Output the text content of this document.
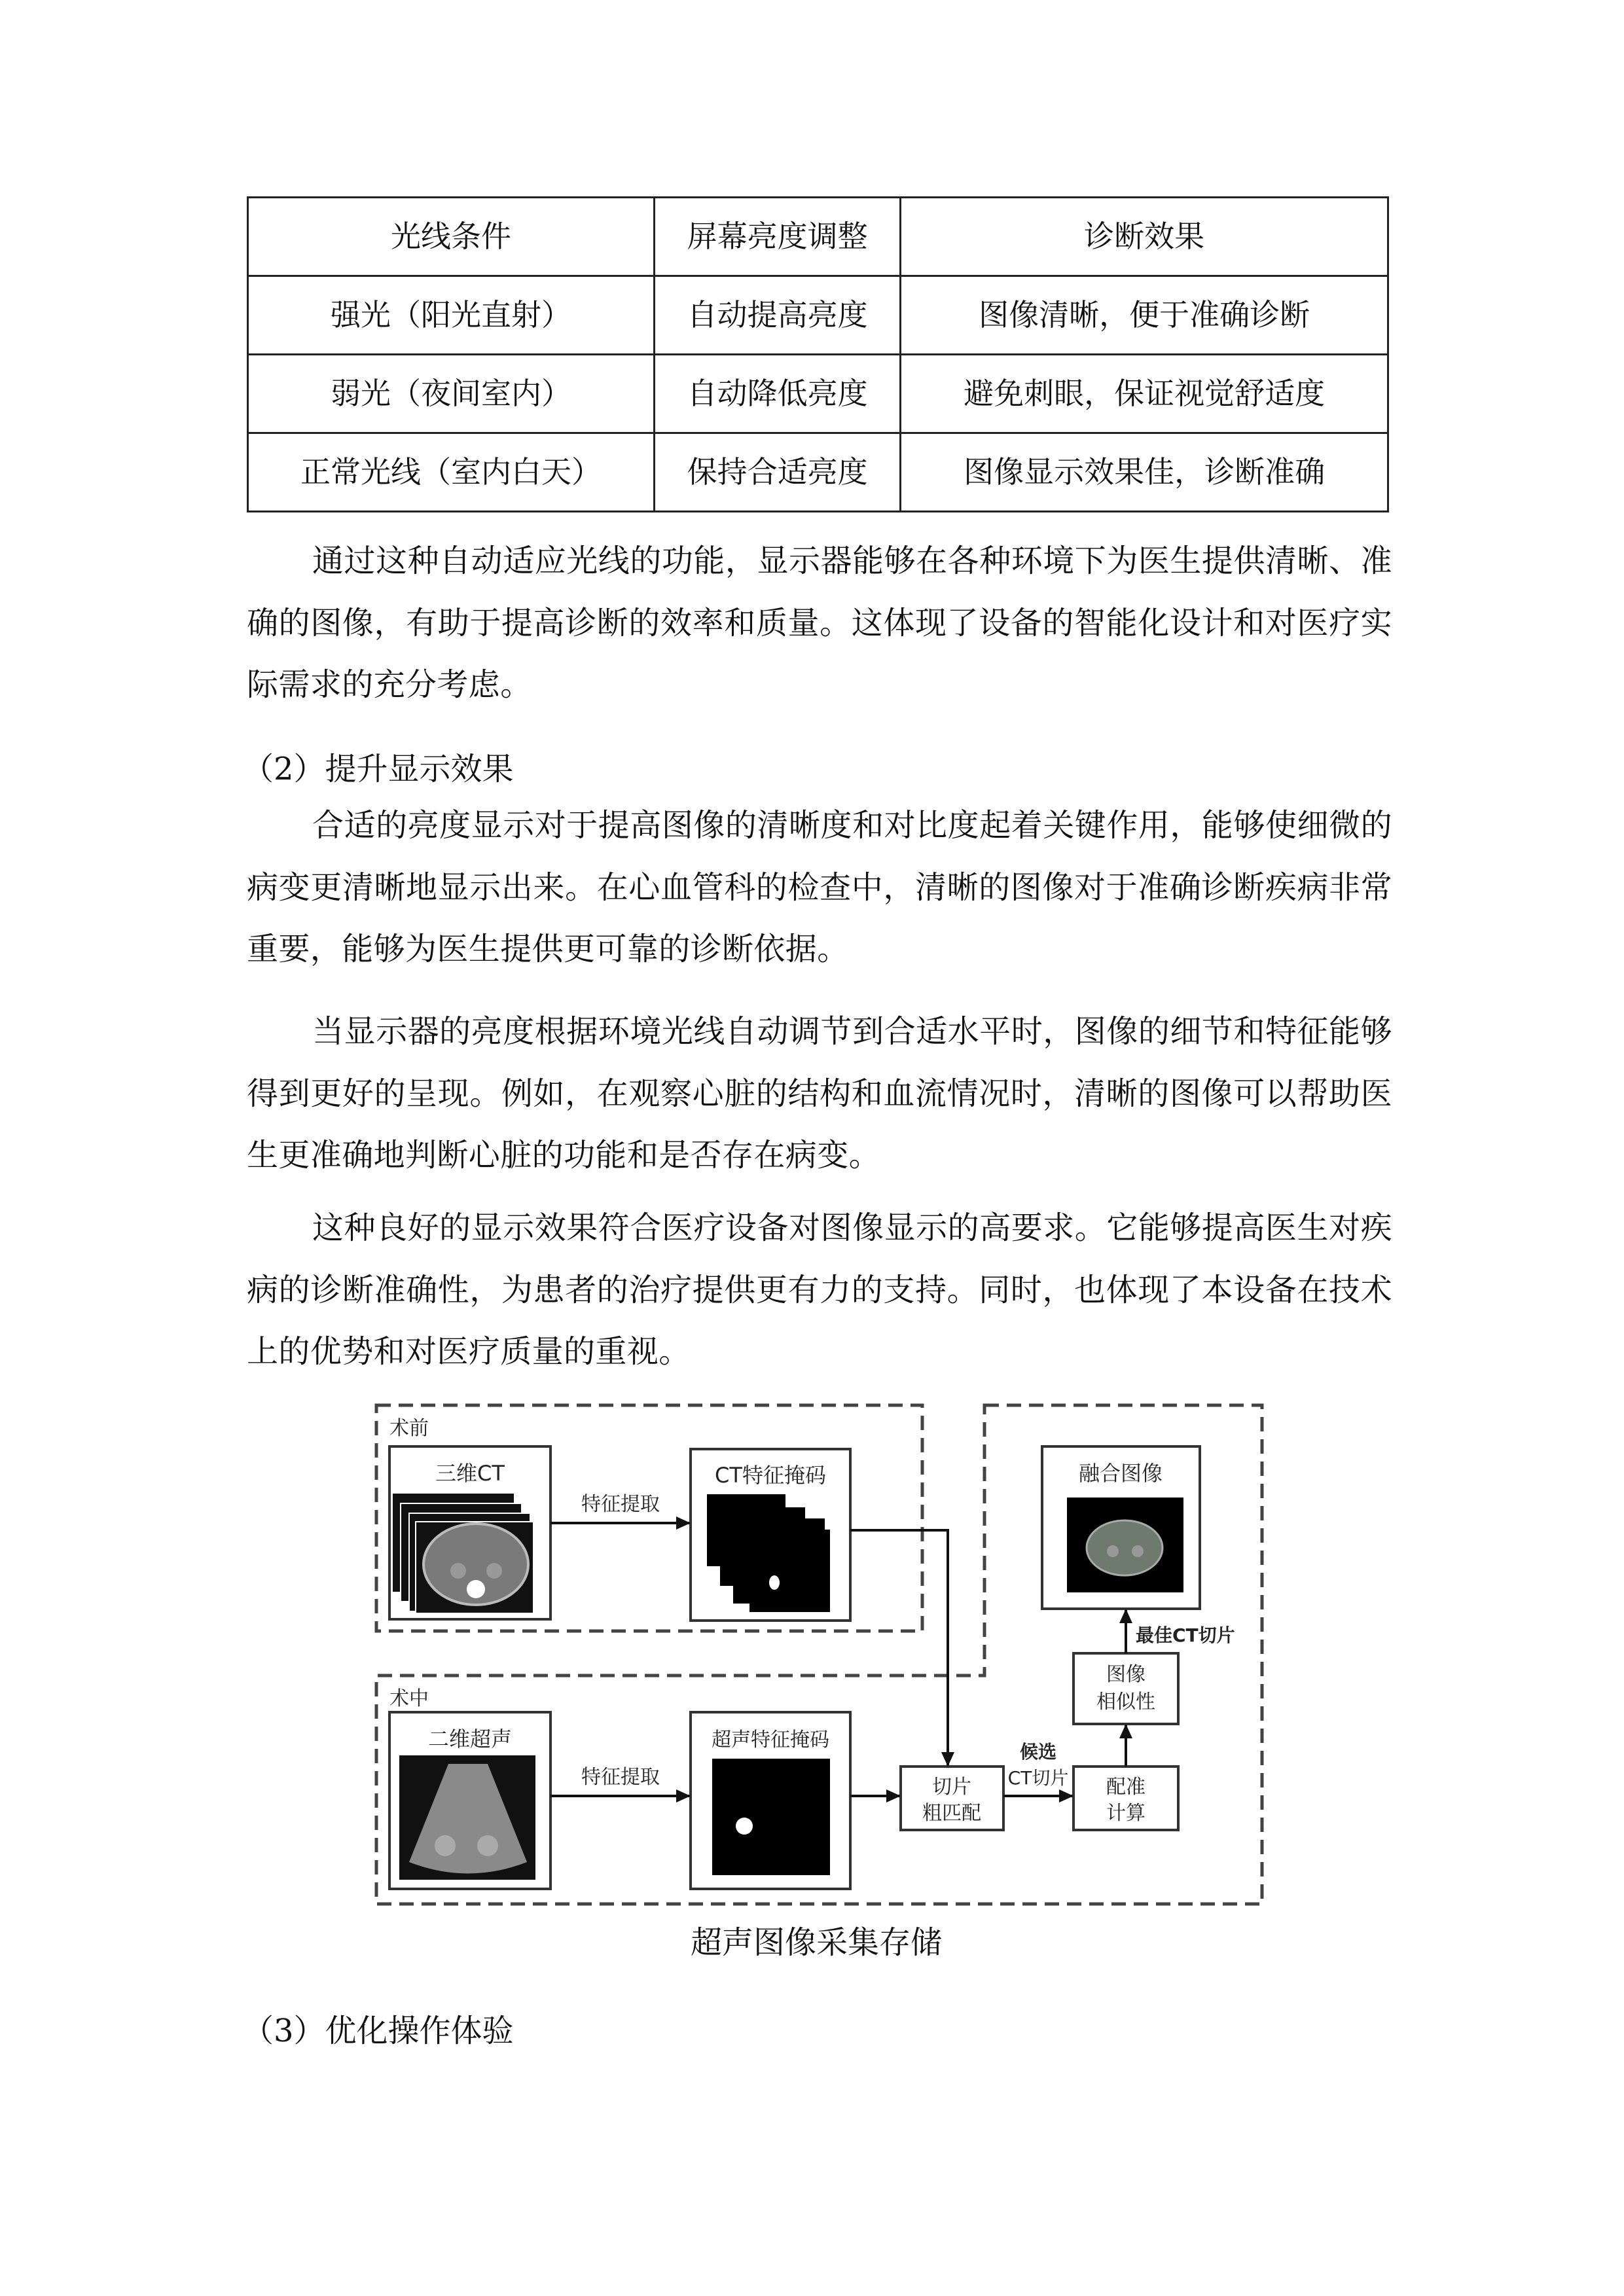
光线条件	屏幕亮度调整	诊断效果
强光（阳光直射）	自动提高亮度	图像清晰，便于准确诊断
弱光（夜间室内）	自动降低亮度	避免刺眼，保证视觉舒适度
正常光线（室内白天）	保持合适亮度	图像显示效果佳，诊断准确
通过这种自动适应光线的功能，显示器能够在各种环境下为医生提供清晰、准确的图像，有助于提高诊断的效率和质量。这体现了设备的智能化设计和对医疗实际需求的充分考虑。
（2）提升显示效果
合适的亮度显示对于提高图像的清晰度和对比度起着关键作用，能够使细微的病变更清晰地显示出来。在心血管科的检查中，清晰的图像对于准确诊断疾病非常重要，能够为医生提供更可靠的诊断依据。
当显示器的亮度根据环境光线自动调节到合适水平时，图像的细节和特征能够得到更好的呈现。例如，在观察心脏的结构和血流情况时，清晰的图像可以帮助医生更准确地判断心脏的功能和是否存在病变。
这种良好的显示效果符合医疗设备对图像显示的高要求。它能够提高医生对疾病的诊断准确性，为患者的治疗提供更有力的支持。同时，也体现了本设备在技术上的优势和对医疗质量的重视。
术前
术中
三维CT	CT特征掩码	融合图像
二维超声	超声特征掩码
切片
粗匹配
配准
计算
图像
相似性
特征提取
特征提取
候选
CT切片
最佳CT切片
超声图像采集存储
（3）优化操作体验
